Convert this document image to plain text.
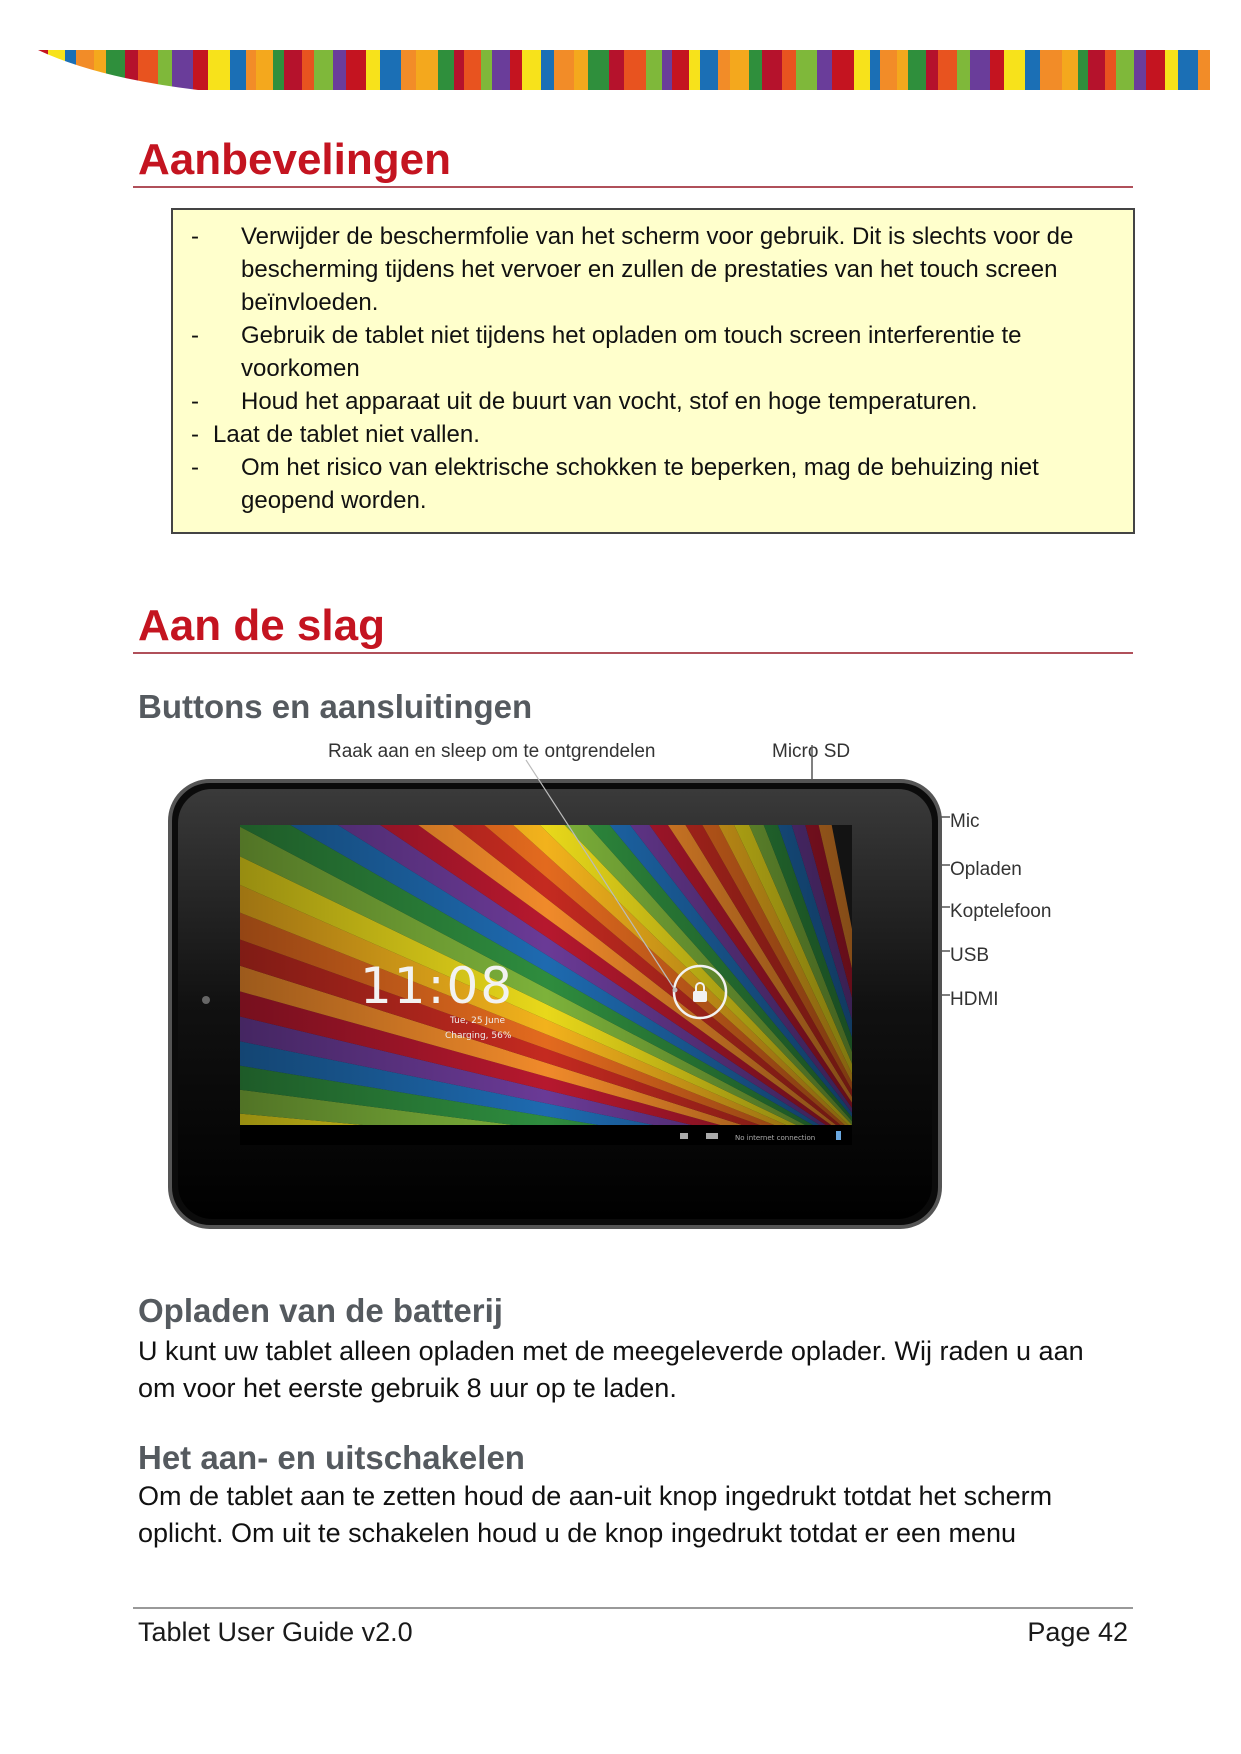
Aanbevelingen
- Verwijder de beschermfolie van het scherm voor gebruik. Dit is slechts voor de bescherming tijdens het vervoer en zullen de prestaties van het touch screen beïnvloeden.
- Gebruik de tablet niet tijdens het opladen om touch screen interferentie te voorkomen
- Houd het apparaat uit de buurt van vocht, stof en hoge temperaturen.
- Laat de tablet niet vallen.
- Om het risico van elektrische schokken te beperken, mag de behuizing niet geopend worden.
Aan de slag
Buttons en aansluitingen
Raak aan en sleep om te ontgrendelen	Micro SD
Mic
Opladen
Koptelefoon
USB
HDMI
11:08
Tue, 25 June
Charging, 56%
No internet connection
Opladen van de batterij

U kunt uw tablet alleen opladen met de meegeleverde oplader. Wij raden u aan om voor het eerste gebruik 8 uur op te laden.

Het aan- en uitschakelen

Om de tablet aan te zetten houd de aan-uit knop ingedrukt totdat het scherm oplicht. Om uit te schakelen houd u de knop ingedrukt totdat er een menu

Tablet User Guide v2.0	Page 42
